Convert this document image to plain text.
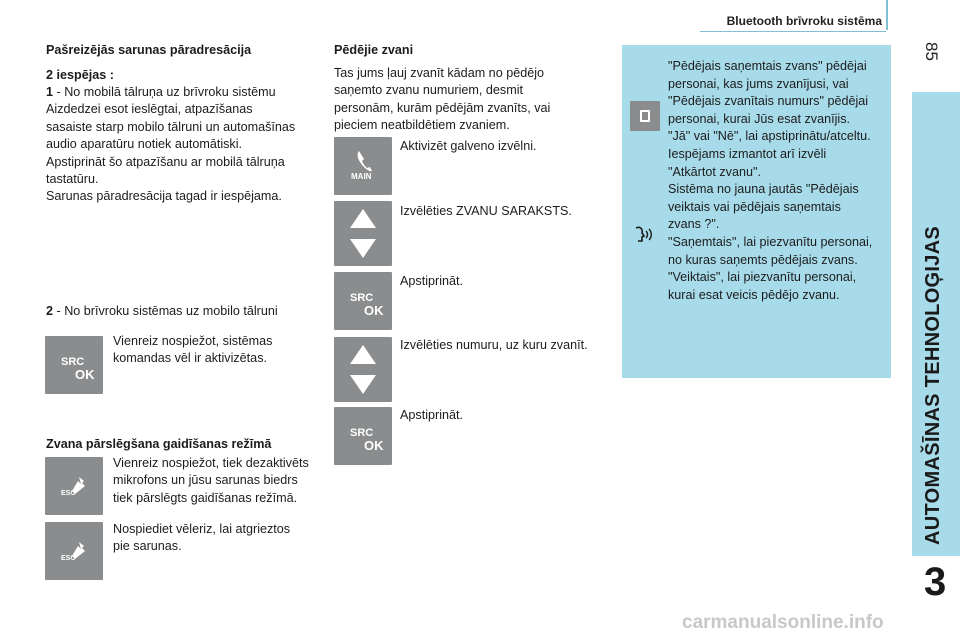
Bluetooth brīvroku sistēma
85
AUTOMAŠĪNAS TEHNOLOĢIJAS
3
Pašreizējās sarunas pāradresācija
2 iespējas :
1 - No mobilā tālruņa uz brīvroku sistēmu
Aizdedzei esot ieslēgtai, atpazīšanas
sasaiste starp mobilo tālruni un automašīnas
audio aparatūru notiek automātiski.
Apstiprināt šo atpazīšanu ar mobilā tālruņa
tastatūru.
Sarunas pāradresācija tagad ir iespējama.
2 - No brīvroku sistēmas uz mobilo tālruni
SRC
OK
Vienreiz nospiežot, sistēmas
komandas vēl ir aktivizētas.
Zvana pārslēgšana gaidīšanas režīmā
ESC
Vienreiz nospiežot, tiek dezaktivēts
mikrofons un jūsu sarunas biedrs
tiek pārslēgts gaidīšanas režīmā.
ESC
Nospiediet vēleriz, lai atgrieztos
pie sarunas.
Pēdējie zvani
Tas jums ļauj zvanīt kādam no pēdējo
saņemto zvanu numuriem, desmit
personām, kurām pēdējām zvanīts, vai
pieciem neatbildētiem zvaniem.
MAIN
Aktivizēt galveno izvēlni.
Izvēlēties ZVANU SARAKSTS.
SRC
OK
Apstiprināt.
Izvēlēties numuru, uz kuru zvanīt.
SRC
OK
Apstiprināt.
"Pēdējais saņemtais zvans" pēdējai
personai, kas jums zvanījusi, vai
"Pēdējais zvanītais numurs" pēdējai
personai, kurai Jūs esat zvanījis.
"Jā" vai "Nē", lai apstiprinātu/atceltu.
Iespējams izmantot arī izvēli
"Atkārtot zvanu".
Sistēma no jauna jautās "Pēdējais
veiktais vai pēdējais saņemtais
zvans ?".
"Saņemtais", lai piezvanītu personai,
no kuras saņemts pēdējais zvans.
"Veiktais", lai piezvanītu personai,
kurai esat veicis pēdējo zvanu.
carmanualsonline.info
